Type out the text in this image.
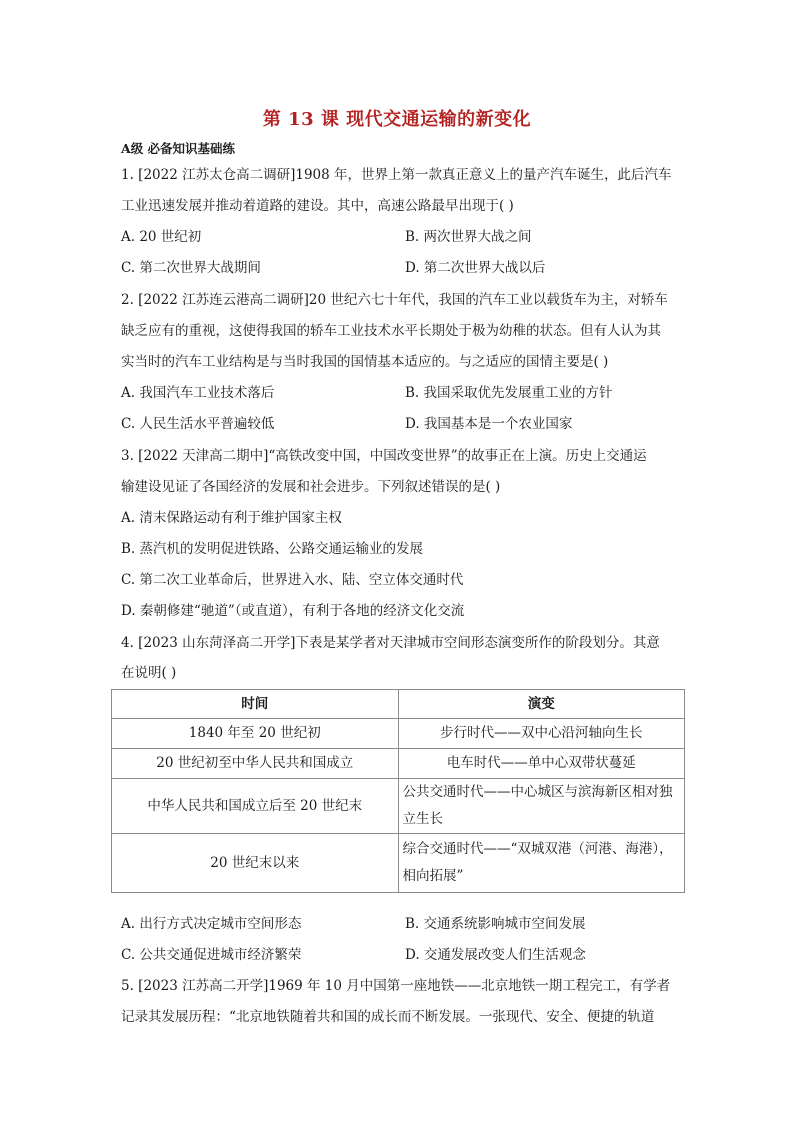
第 13 课 现代交通运输的新变化
A级 必备知识基础练
1. [2022 江苏太仓高二调研]1908 年，世界上第一款真正意义上的量产汽车诞生，此后汽车
工业迅速发展并推动着道路的建设。其中，高速公路最早出现于( )
A. 20 世纪初	B. 两次世界大战之间
C. 第二次世界大战期间	D. 第二次世界大战以后
2. [2022 江苏连云港高二调研]20 世纪六七十年代，我国的汽车工业以载货车为主，对轿车
缺乏应有的重视，这使得我国的轿车工业技术水平长期处于极为幼稚的状态。但有人认为其
实当时的汽车工业结构是与当时我国的国情基本适应的。与之适应的国情主要是( )
A. 我国汽车工业技术落后	B. 我国采取优先发展重工业的方针
C. 人民生活水平普遍较低	D. 我国基本是一个农业国家
3. [2022 天津高二期中]“高铁改变中国，中国改变世界”的故事正在上演。历史上交通运
输建设见证了各国经济的发展和社会进步。下列叙述错误的是( )
A. 清末保路运动有利于维护国家主权
B. 蒸汽机的发明促进铁路、公路交通运输业的发展
C. 第二次工业革命后，世界进入水、陆、空立体交通时代
D. 秦朝修建“驰道”（或直道），有利于各地的经济文化交流
4. [2023 山东菏泽高二开学]下表是某学者对天津城市空间形态演变所作的阶段划分。其意
在说明( )
时间	演变
1840 年至 20 世纪初	步行时代——双中心沿河轴向生长
20 世纪初至中华人民共和国成立	电车时代——单中心双带状蔓延
中华人民共和国成立后至 20 世纪末	公共交通时代——中心城区与滨海新区相对独立生长
20 世纪末以来	综合交通时代——“双城双港（河港、海港），相向拓展”
A. 出行方式决定城市空间形态	B. 交通系统影响城市空间发展
C. 公共交通促进城市经济繁荣	D. 交通发展改变人们生活观念
5. [2023 江苏高二开学]1969 年 10 月中国第一座地铁——北京地铁一期工程完工，有学者
记录其发展历程：“北京地铁随着共和国的成长而不断发展。一张现代、安全、便捷的轨道
